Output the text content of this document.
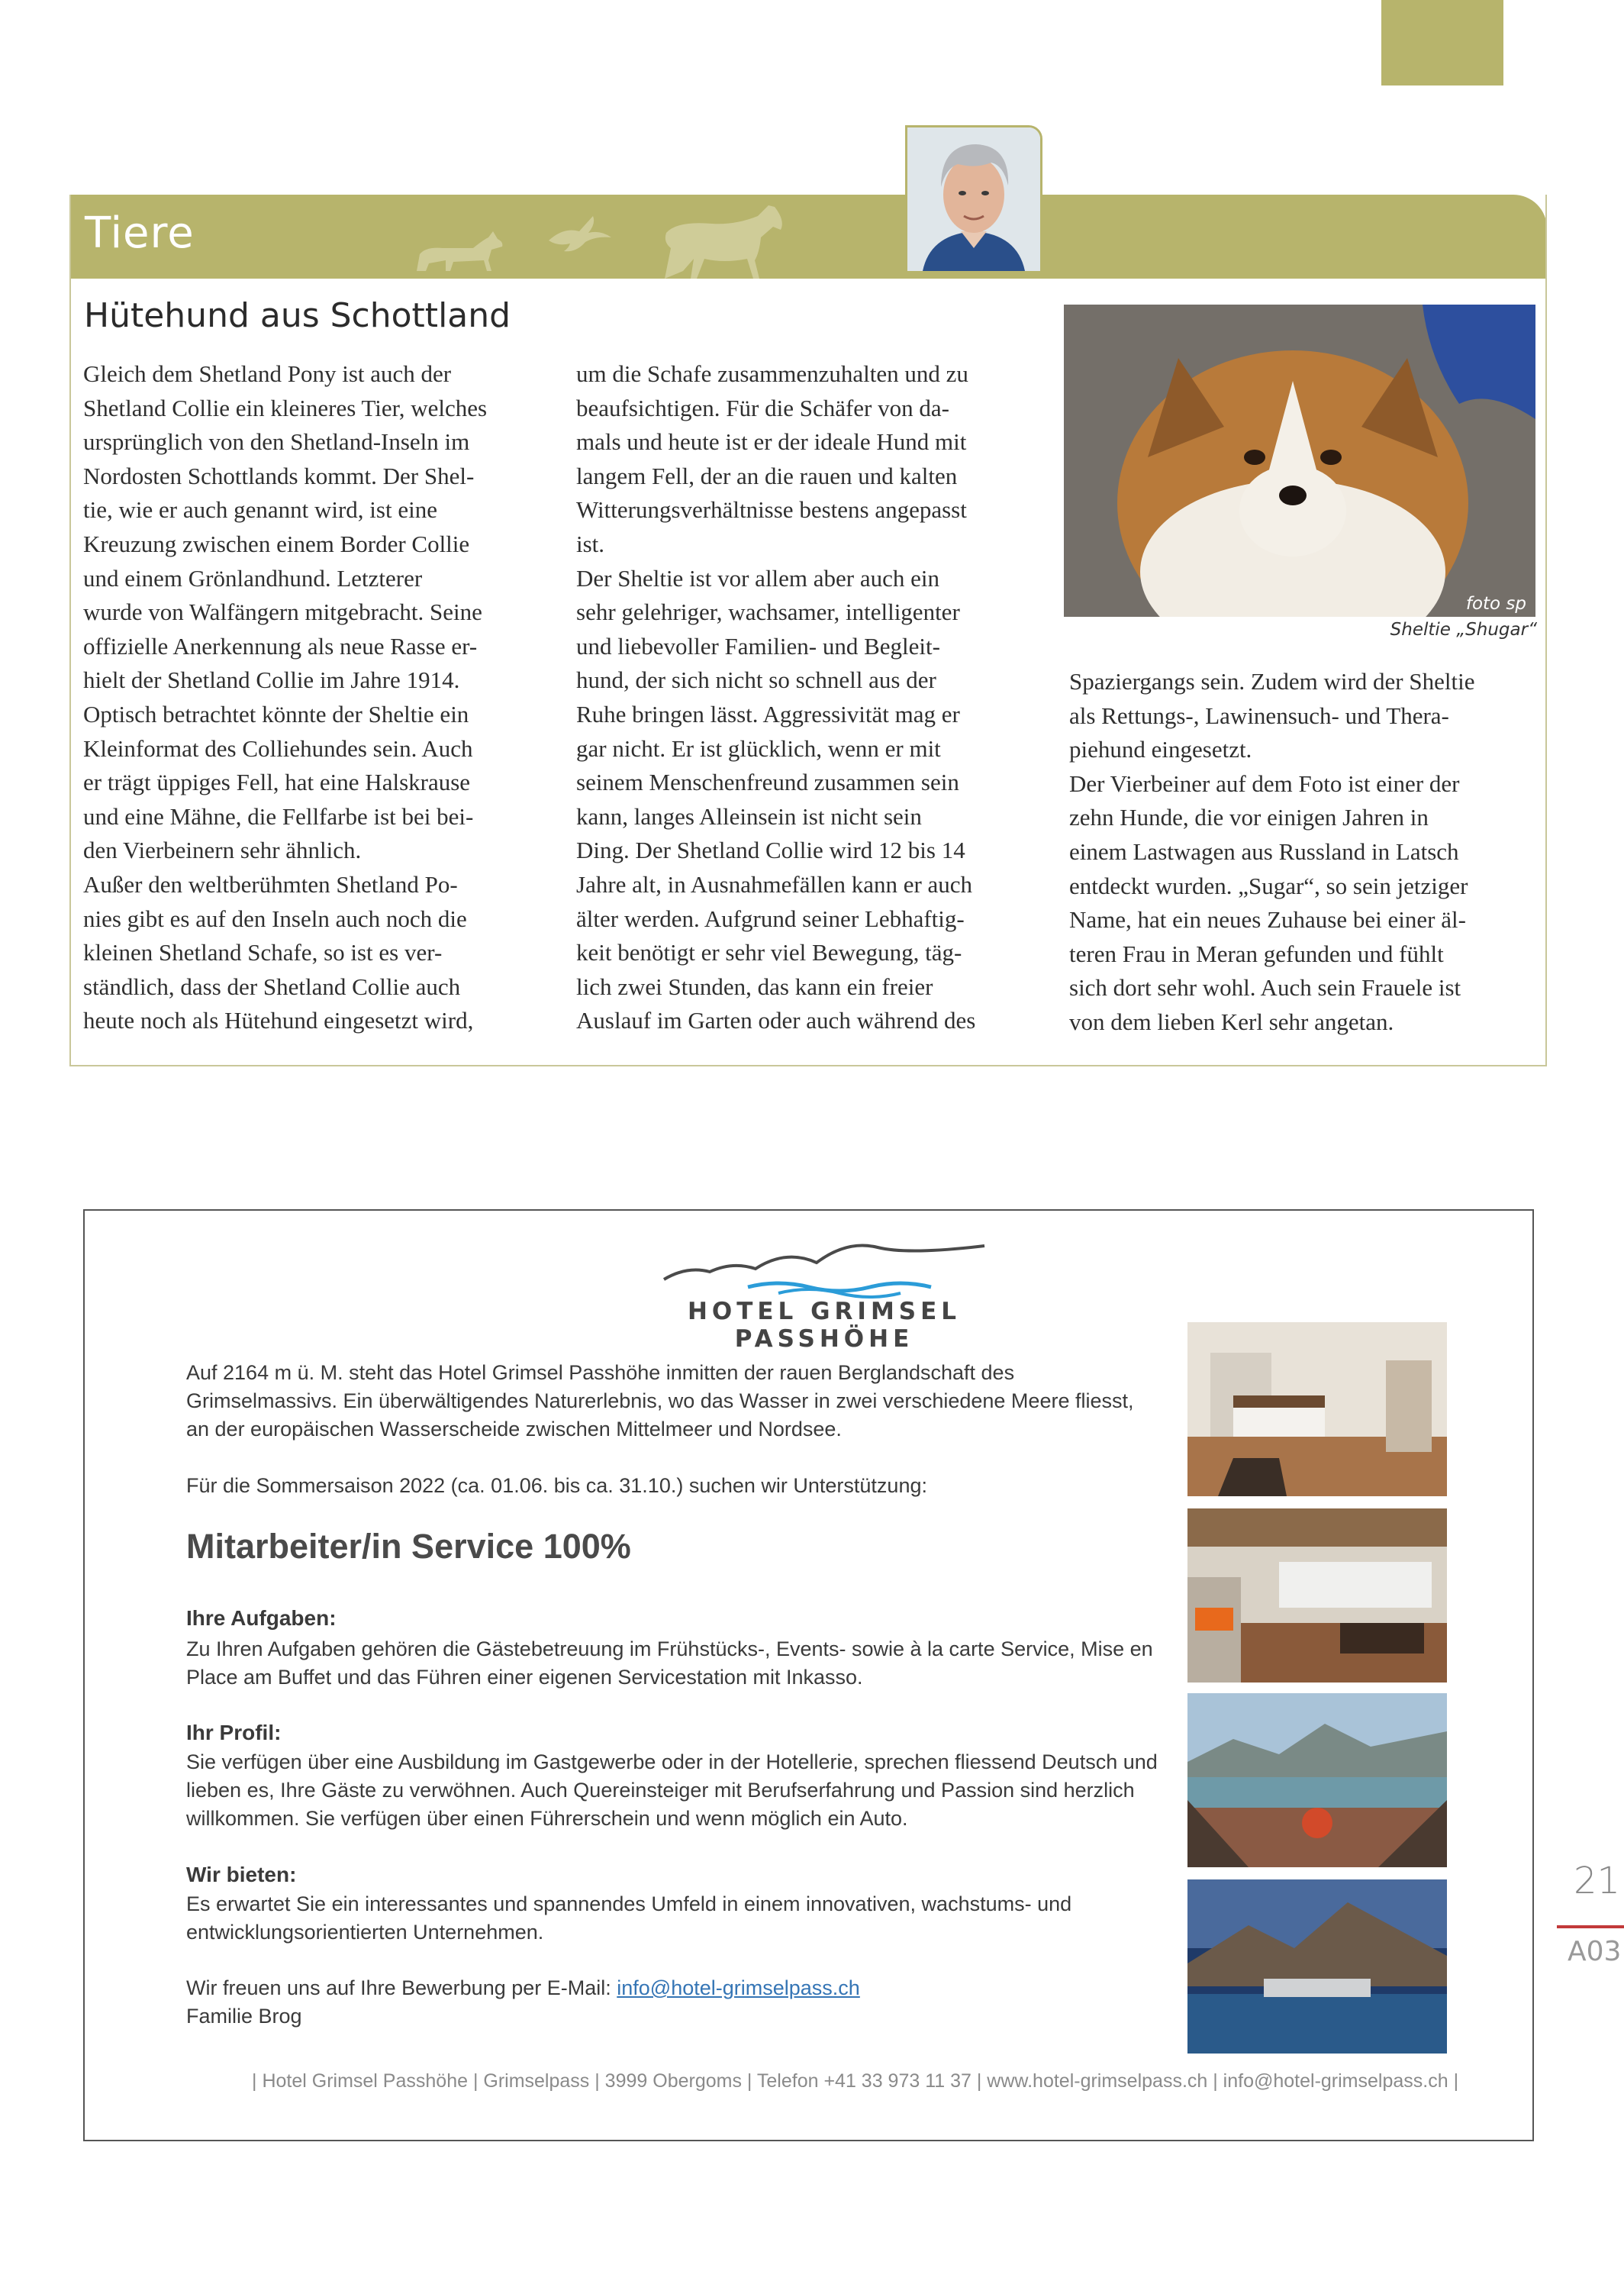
Tiere
Hütehund aus Schottland
Gleich dem Shetland Pony ist auch der
Shetland Collie ein kleineres Tier, welches
ursprünglich von den Shetland-Inseln im
Nordosten Schottlands kommt. Der Shel-
tie, wie er auch genannt wird, ist eine
Kreuzung zwischen einem Border Collie
und einem Grönlandhund. Letzterer
wurde von Walfängern mitgebracht. Seine
offizielle Anerkennung als neue Rasse er-
hielt der Shetland Collie im Jahre 1914.
Optisch betrachtet könnte der Sheltie ein
Kleinformat des Colliehundes sein. Auch
er trägt üppiges Fell, hat eine Halskrause
und eine Mähne, die Fellfarbe ist bei bei-
den Vierbeinern sehr ähnlich.
Außer den weltberühmten Shetland Po-
nies gibt es auf den Inseln auch noch die
kleinen Shetland Schafe, so ist es ver-
ständlich, dass der Shetland Collie auch
heute noch als Hütehund eingesetzt wird,
um die Schafe zusammenzuhalten und zu
beaufsichtigen. Für die Schäfer von da-
mals und heute ist er der ideale Hund mit
langem Fell, der an die rauen und kalten
Witterungsverhältnisse bestens angepasst
ist.
Der Sheltie ist vor allem aber auch ein
sehr gelehriger, wachsamer, intelligenter
und liebevoller Familien- und Begleit-
hund, der sich nicht so schnell aus der
Ruhe bringen lässt. Aggressivität mag er
gar nicht. Er ist glücklich, wenn er mit
seinem Menschenfreund zusammen sein
kann, langes Alleinsein ist nicht sein
Ding. Der Shetland Collie wird 12 bis 14
Jahre alt, in Ausnahmefällen kann er auch
älter werden. Aufgrund seiner Lebhaftig-
keit benötigt er sehr viel Bewegung, täg-
lich zwei Stunden, das kann ein freier
Auslauf im Garten oder auch während des
foto sp
Sheltie „Shugar“
Spaziergangs sein. Zudem wird der Sheltie
als Rettungs-, Lawinensuch- und Thera-
piehund eingesetzt.
Der Vierbeiner auf dem Foto ist einer der
zehn Hunde, die vor einigen Jahren in
einem Lastwagen aus Russland in Latsch
entdeckt wurden. „Sugar“, so sein jetziger
Name, hat ein neues Zuhause bei einer äl-
teren Frau in Meran gefunden und fühlt
sich dort sehr wohl. Auch sein Frauele ist
von dem lieben Kerl sehr angetan.
HOTEL GRIMSEL PASSHÖHE
Auf 2164 m ü. M. steht das Hotel Grimsel Passhöhe inmitten der rauen Berglandschaft des
Grimselmassivs. Ein überwältigendes Naturerlebnis, wo das Wasser in zwei verschiedene Meere fliesst,
an der europäischen Wasserscheide zwischen Mittelmeer und Nordsee.
Für die Sommersaison 2022 (ca. 01.06. bis ca. 31.10.) suchen wir Unterstützung:
Mitarbeiter/in Service 100%
Ihre Aufgaben:
Zu Ihren Aufgaben gehören die Gästebetreuung im Frühstücks-, Events- sowie à la carte Service, Mise en
Place am Buffet und das Führen einer eigenen Servicestation mit Inkasso.
Ihr Profil:
Sie verfügen über eine Ausbildung im Gastgewerbe oder in der Hotellerie, sprechen fliessend Deutsch und
lieben es, Ihre Gäste zu verwöhnen. Auch Quereinsteiger mit Berufserfahrung und Passion sind herzlich
willkommen. Sie verfügen über einen Führerschein und wenn möglich ein Auto.
Wir bieten:
Es erwartet Sie ein interessantes und spannendes Umfeld in einem innovativen, wachstums- und
entwicklungsorientierten Unternehmen.
Wir freuen uns auf Ihre Bewerbung per E-Mail: info@hotel-grimselpass.ch
Familie Brog
| Hotel Grimsel Passhöhe | Grimselpass | 3999 Obergoms | Telefon +41 33 973 11 37 | www.hotel-grimselpass.ch | info@hotel-grimselpass.ch |
21
A03
